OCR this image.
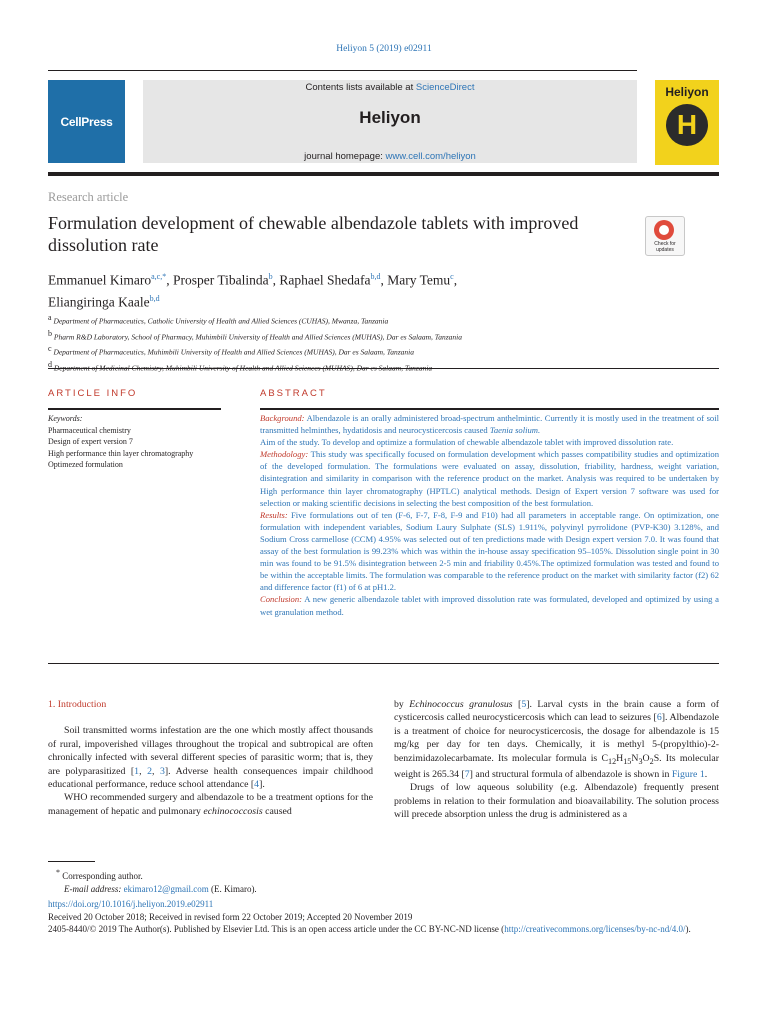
Heliyon 5 (2019) e02911
CellPress
Contents lists available at ScienceDirect
Heliyon
journal homepage: www.cell.com/heliyon
Heliyon
H
Research article
Formulation development of chewable albendazole tablets with improved dissolution rate	Check for updates
Emmanuel Kimaro$^{a,c,*}$, Prosper Tibalinda$^b$, Raphael Shedafa$^{b,d}$, Mary Temu$^c$,
Eliangiringa Kaale$^{b,d}$
$^a$ Department of Pharmaceutics, Catholic University of Health and Allied Sciences (CUHAS), Mwanza, Tanzania
$^b$ Pharm R&D Laboratory, School of Pharmacy, Muhimbili University of Health and Allied Sciences (MUHAS), Dar es Salaam, Tanzania
$^c$ Department of Pharmaceutics, Muhimbili University of Health and Allied Sciences (MUHAS), Dar es Salaam, Tanzania
$^d$
ARTICLE INFO	ABSTRACT
Keywords:
Pharmaceutical chemistry
Design of expert version 7
High performance thin layer chromatography
Optimezed formulation

Background: Albendazole is an orally administered broad-spectrum anthelmintic. Currently it is mostly used in the treatment of soil transmitted helminthes, hydatidosis and neurocysticercosis caused Taenia solium.

Aim of the study. To develop and optimize a formulation of chewable albendazole tablet with improved dissolution rate.

Methodology: This study was specifically focused on formulation development which passes compatibility studies and optimization of the developed formulation. The formulations were evaluated on assay, dissolution, friability, hardness, weight variation, disintegration and similarity in comparison with the reference product on the market. Analysis was required to be undertaken by High performance thin layer chromatography (HPTLC) analytical methods. Design of Expert version 7 software was used for selection or making scientific decisions in selecting the best composition of the best formulation.

Results: Five formulations out of ten (F-6, F-7, F-8, F-9 and F10) had all parameters in acceptable range. On optimization, one formulation with independent variables, Sodium Laury Sulphate (SLS) 1.911%, polyvinyl pyrrolidone (PVP-K30) 3.128%, and Sodium Cross carmellose (CCM) 4.95% was selected out of ten predictions made with Design expert version 7.0. It was found that assay of the best formulation is 99.23% which was within the in-house assay specification 95–105%. Dissolution single point in 30 min was found to be 91.5% disintegration between 2-5 min and friability 0.45%.The optimized formulation was tested and found to be within the acceptable limits. The formulation was comparable to the reference product on the market with similarity factor (f2) 62 and difference factor (f1) of 6 at pH1.2.

Conclusion: A new generic albendazole tablet with improved dissolution rate was formulated, developed and optimized by using a wet granulation method.

1. Introduction

Soil transmitted worms infestation are the one which mostly affect thousands of rural, impoverished villages throughout the tropical and subtropical are often chronically infected with several different species of parasitic worm; that is, they are polyparasitized [1, 2, 3]. Adverse health consequences impair childhood educational performance, reduce school attendance [4].

WHO recommended surgery and albendazole to be a treatment options for the management of hepatic and pulmonary echinococcosis caused

by Echinococcus granulosus [5]. Larval cysts in the brain cause a form of cysticercosis called neurocysticercosis which can lead to seizures [6]. Albendazole is a treatment of choice for neurocysticercosis, the dosage for albendazole is 15 mg/kg per day for ten days. Chemically, it is methyl 5-(propylthio)-2-benzimidazolecarbamate. Its molecular formula is $C_{12}H_{15}N_3O_2S$. Its molecular weight is 265.34 [7] and structural formula of albendazole is shown in Figure 1.

Drugs of low aqueous solubility (e.g. Albendazole) frequently present problems in relation to their formulation and bioavailability. The solution process will precede absorption unless the drug is administered as a

* Corresponding author.
E-mail address: ekimaro12@gmail.com (E. Kimaro).

https://doi.org/10.1016/j.heliyon.2019.e02911

Received 20 October 2018; Received in revised form 22 October 2019; Accepted 20 November 2019

2405-8440/© 2019 The Author(s). Published by Elsevier Ltd. This is an open access article under the CC BY-NC-ND license (http://creativecommons.org/licenses/by-nc-nd/4.0/).
